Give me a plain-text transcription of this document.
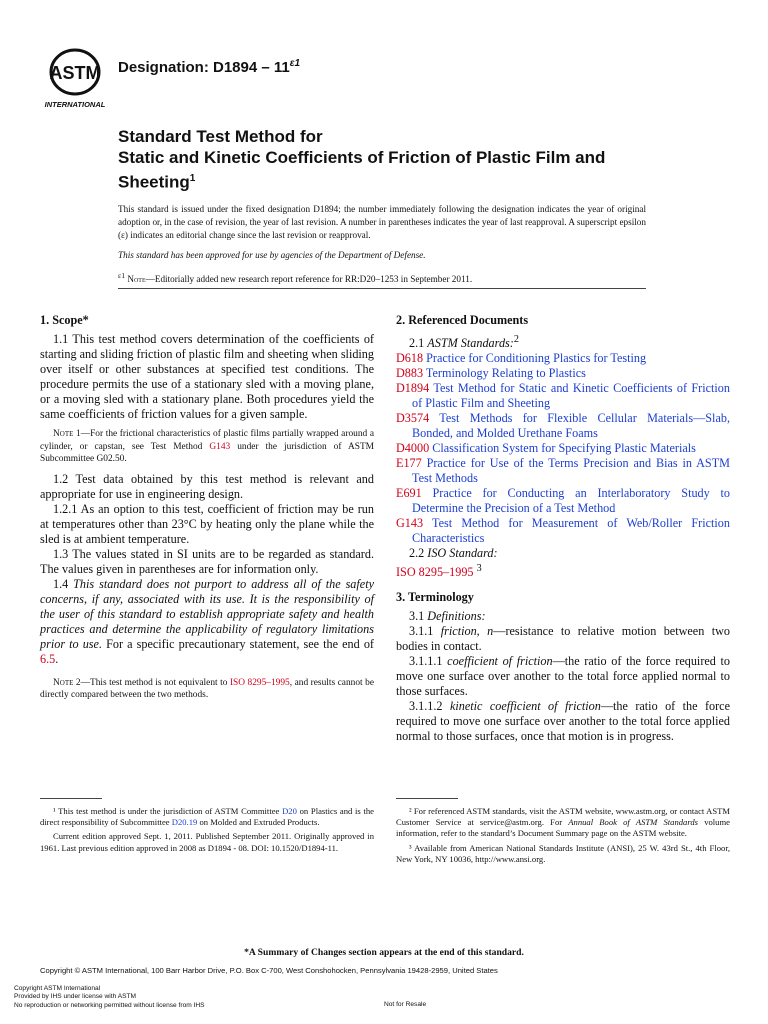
ASTM
INTERNATIONAL
Designation: $D1894 - 11^{\varepsilon 1}$
Standard Test Method for
Static and Kinetic Coefficients of Friction of Plastic Film and Sheeting$^1$

This standard is issued under the fixed designation D1894; the number immediately following the designation indicates the year of original adoption or, in the case of revision, the year of last revision. A number in parentheses indicates the year of last reapproval. A superscript epsilon (ε) indicates an editorial change since the last revision or reapproval.

This standard has been approved for use by agencies of the Department of Defense.

$^{\varepsilon 1}$ Note—Editorially added new research report reference for RR:D20–1253 in September 2011.

1. Scope*

1.1 This test method covers determination of the coefficients of starting and sliding friction of plastic film and sheeting when sliding over itself or other substances at specified test conditions. The procedure permits the use of a stationary sled with a moving plane, or a moving sled with a stationary plane. Both procedures yield the same coefficients of friction values for a given sample.

Note 1—For the frictional characteristics of plastic films partially wrapped around a cylinder, or capstan, see Test Method G143 under the jurisdiction of ASTM Subcommittee G02.50.

1.2 Test data obtained by this test method is relevant and appropriate for use in engineering design.

1.2.1 As an option to this test, coefficient of friction may be run at temperatures other than 23°C by heating only the plane while the sled is at ambient temperature.

1.3 The values stated in SI units are to be regarded as standard. The values given in parentheses are for information only.

1.4 This standard does not purport to address all of the safety concerns, if any, associated with its use. It is the responsibility of the user of this standard to establish appropriate safety and health practices and determine the applicability of regulatory limitations prior to use. For a specific precautionary statement, see the end of 6.5.

Note 2—This test method is not equivalent to ISO 8295–1995, and results cannot be directly compared between the two methods.

2. Referenced Documents

2.1 ASTM Standards:$^2$

D618 Practice for Conditioning Plastics for Testing

D883 Terminology Relating to Plastics

D1894 Test Method for Static and Kinetic Coefficients of Friction of Plastic Film and Sheeting

D3574 Test Methods for Flexible Cellular Materials—Slab, Bonded, and Molded Urethane Foams

D4000 Classification System for Specifying Plastic Materials

E177 Practice for Use of the Terms Precision and Bias in ASTM Test Methods

E691 Practice for Conducting an Interlaboratory Study to Determine the Precision of a Test Method

G143 Test Method for Measurement of Web/Roller Friction Characteristics

2.2 ISO Standard:

ISO 8295–1995 $^3$

3. Terminology

3.1 Definitions:

3.1.1 friction, n—resistance to relative motion between two bodies in contact.

3.1.1.1 coefficient of friction—the ratio of the force required to move one surface over another to the total force applied normal to those surfaces.

3.1.1.2 kinetic coefficient of friction—the ratio of the force required to move one surface over another to the total force applied normal to those surfaces, once that motion is in progress.

¹ This test method is under the jurisdiction of ASTM Committee D20 on Plastics and is the direct responsibility of Subcommittee D20.19 on Molded and Extruded Products.

Current edition approved Sept. 1, 2011. Published September 2011. Originally approved in 1961. Last previous edition approved in 2008 as D1894 - 08. DOI: 10.1520/D1894-11.

² For referenced ASTM standards, visit the ASTM website, www.astm.org, or contact ASTM Customer Service at service@astm.org. For Annual Book of ASTM Standards volume information, refer to the standard’s Document Summary page on the ASTM website.

³ Available from American National Standards Institute (ANSI), 25 W. 43rd St., 4th Floor, New York, NY 10036, http://www.ansi.org.

*A Summary of Changes section appears at the end of this standard.
Copyright © ASTM International, 100 Barr Harbor Drive, P.O. Box C-700, West Conshohocken, Pennsylvania 19428-2959, United States
Copyright ASTM International
Provided by IHS under license with ASTM
No reproduction or networking permitted without license from IHS	Not for Resale
